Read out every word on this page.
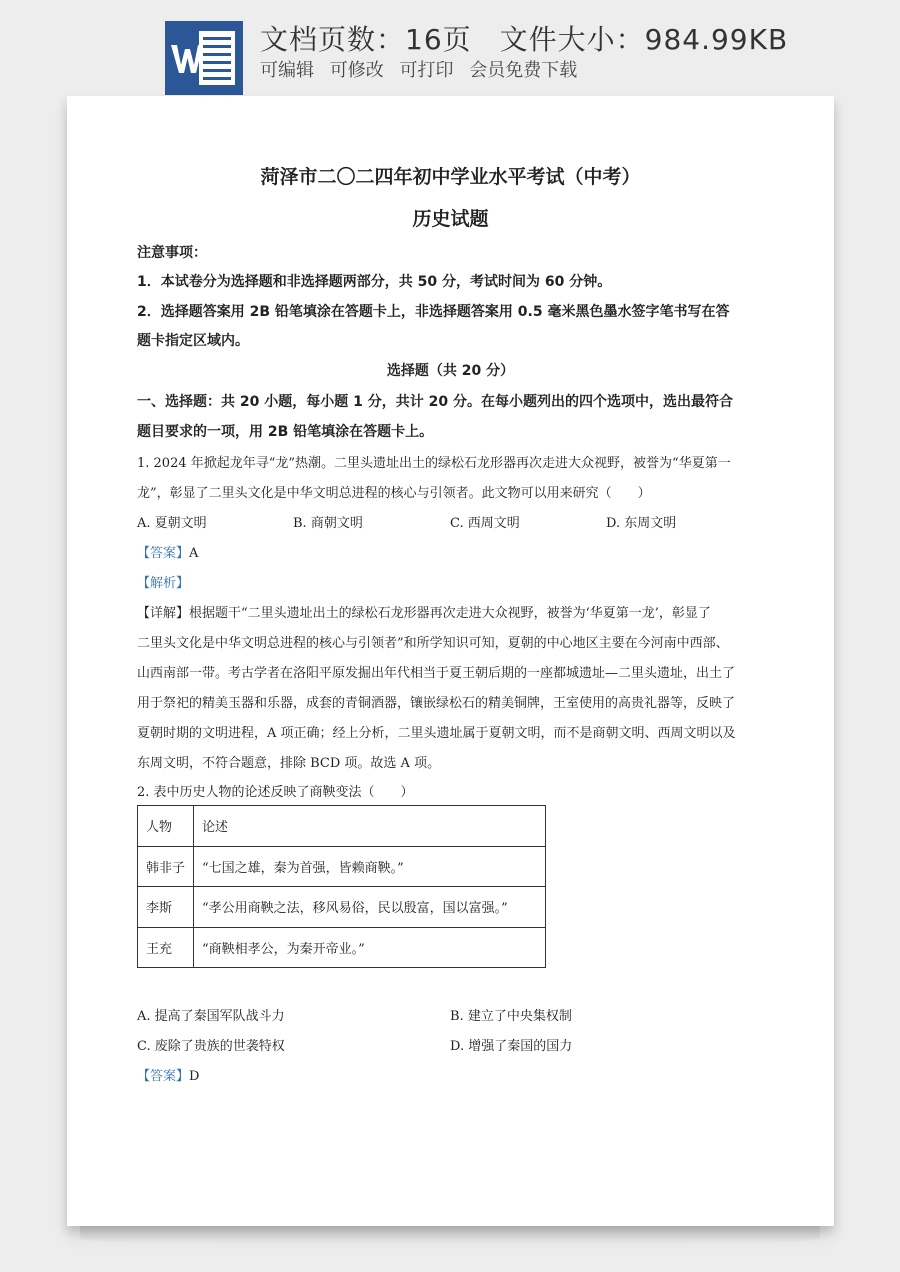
文档页数：16页 文件大小：984.99KB
可编辑 可修改 可打印 会员免费下载
菏泽市二〇二四年初中学业水平考试（中考）
历史试题
注意事项：
1．本试卷分为选择题和非选择题两部分，共 50 分，考试时间为 60 分钟。
2．选择题答案用 2B 铅笔填涂在答题卡上，非选择题答案用 0.5 毫米黑色墨水签字笔书写在答
题卡指定区域内。
选择题（共 20 分）
一、选择题：共 20 小题，每小题 1 分，共计 20 分。在每小题列出的四个选项中，选出最符合
题目要求的一项，用 2B 铅笔填涂在答题卡上。
1. 2024 年掀起龙年寻“龙”热潮。二里头遗址出土的绿松石龙形器再次走进大众视野，被誉为“华夏第一
龙”，彰显了二里头文化是中华文明总进程的核心与引领者。此文物可以用来研究（　　）
A. 夏朝文明	B. 商朝文明	C. 西周文明	D. 东周文明
【答案】A
【解析】
【详解】根据题干“二里头遗址出土的绿松石龙形器再次走进大众视野，被誉为‘华夏第一龙’，彰显了
二里头文化是中华文明总进程的核心与引领者”和所学知识可知，夏朝的中心地区主要在今河南中西部、
山西南部一带。考古学者在洛阳平原发掘出年代相当于夏王朝后期的一座都城遗址—二里头遗址，出土了
用于祭祀的精美玉器和乐器，成套的青铜酒器，镶嵌绿松石的精美铜牌，王室使用的高贵礼器等，反映了
夏朝时期的文明进程，A 项正确；经上分析，二里头遗址属于夏朝文明，而不是商朝文明、西周文明以及
东周文明，不符合题意，排除 BCD 项。故选 A 项。
2. 表中历史人物的论述反映了商鞅变法（　　）
人物	论述
韩非子	“七国之雄，秦为首强，皆赖商鞅。”
李斯	“孝公用商鞅之法，移风易俗，民以殷富，国以富强。”
王充	“商鞅相孝公，为秦开帝业。”
A. 提高了秦国军队战斗力	B. 建立了中央集权制
C. 废除了贵族的世袭特权	D. 增强了秦国的国力
【答案】D
